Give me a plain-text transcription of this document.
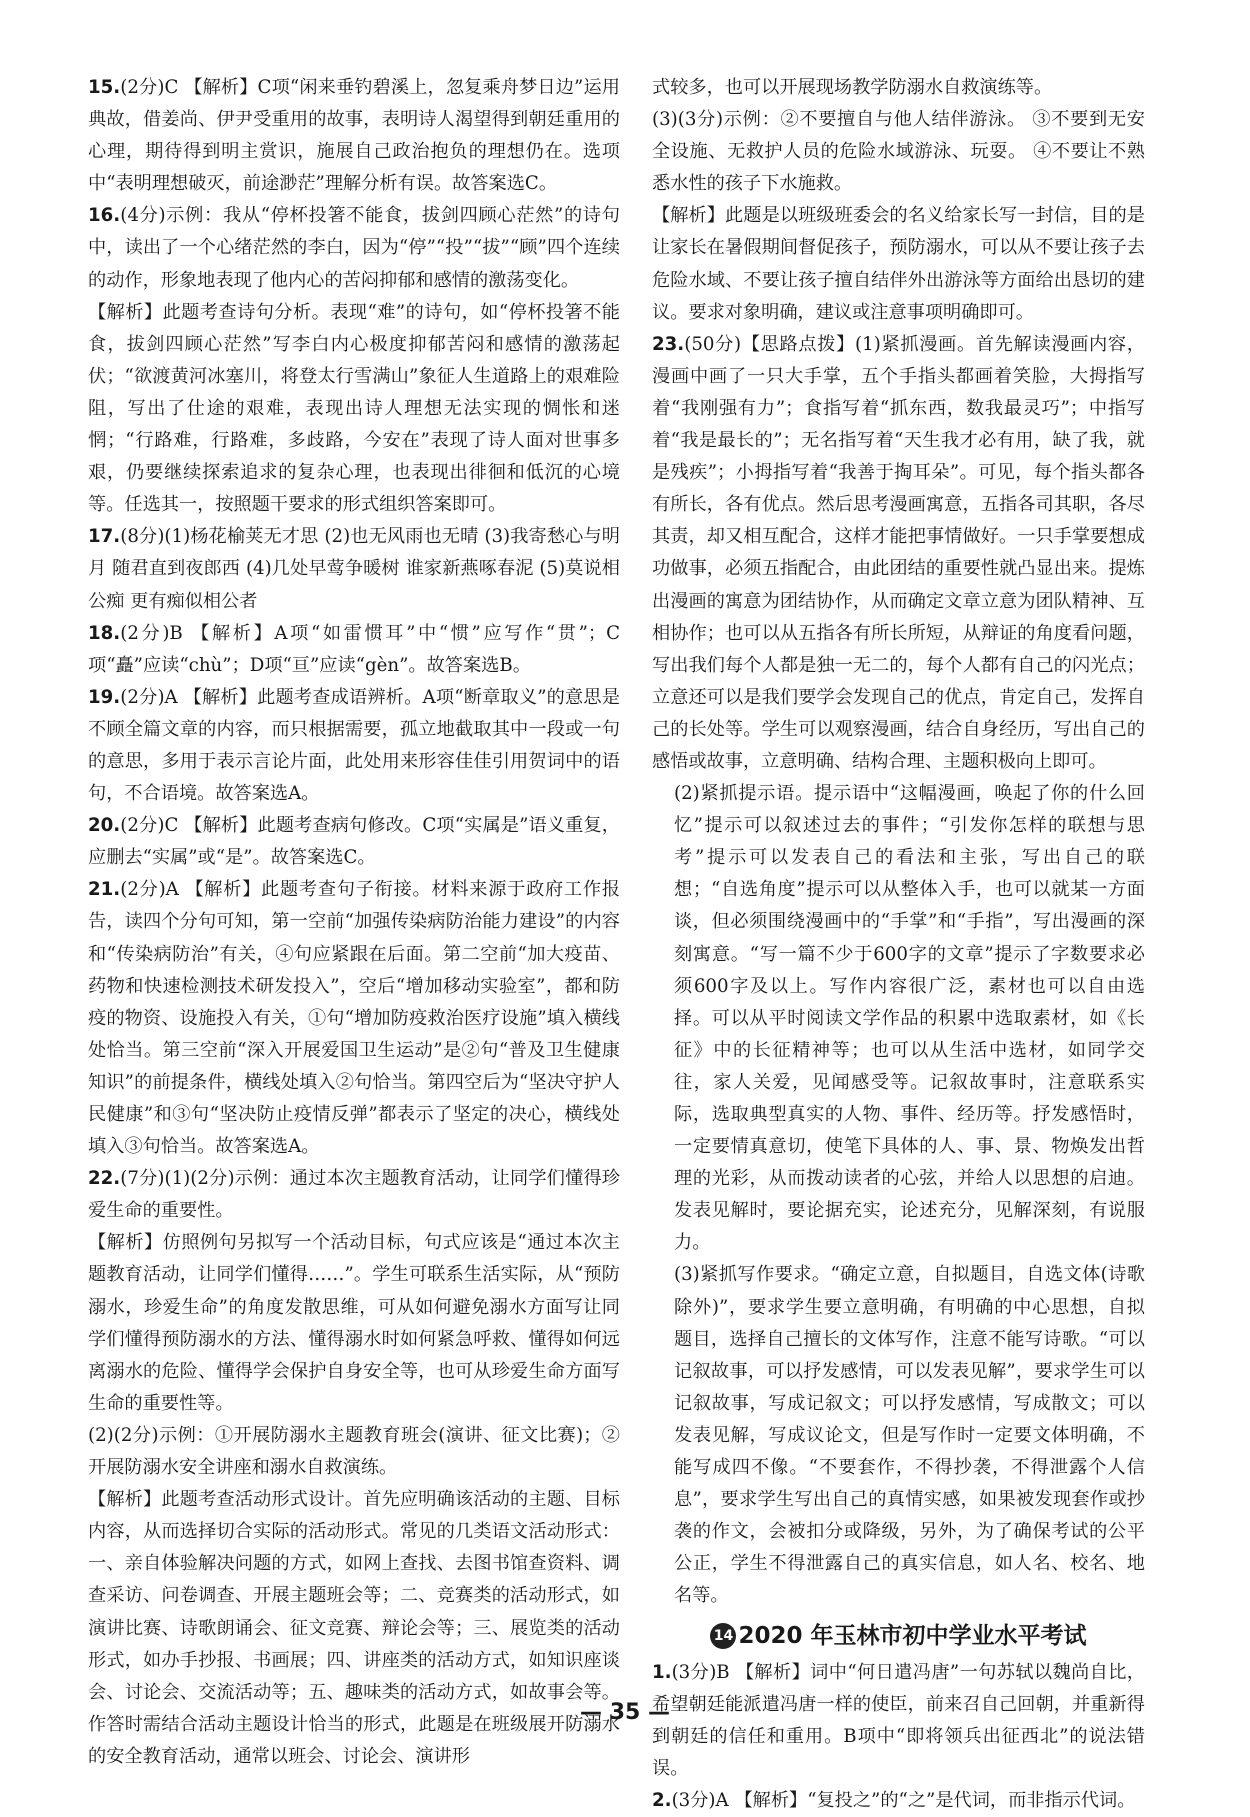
15.(2分)C 【解析】C项“闲来垂钓碧溪上，忽复乘舟梦日边”运用典故，借姜尚、伊尹受重用的故事，表明诗人渴望得到朝廷重用的心理，期待得到明主赏识，施展自己政治抱负的理想仍在。选项中“表明理想破灭，前途渺茫”理解分析有误。故答案选C。

16.(4分)示例：我从“停杯投箸不能食，拔剑四顾心茫然”的诗句中，读出了一个心绪茫然的李白，因为“停”“投”“拔”“顾”四个连续的动作，形象地表现了他内心的苦闷抑郁和感情的激荡变化。

【解析】此题考查诗句分析。表现“难”的诗句，如“停杯投箸不能食，拔剑四顾心茫然”写李白内心极度抑郁苦闷和感情的激荡起伏；“欲渡黄河冰塞川，将登太行雪满山”象征人生道路上的艰难险阻，写出了仕途的艰难，表现出诗人理想无法实现的惆怅和迷惘；“行路难，行路难，多歧路，今安在”表现了诗人面对世事多艰，仍要继续探索追求的复杂心理，也表现出徘徊和低沉的心境等。任选其一，按照题干要求的形式组织答案即可。

17.(8分)(1)杨花榆荚无才思 (2)也无风雨也无晴 (3)我寄愁心与明月 随君直到夜郎西 (4)几处早莺争暖树 谁家新燕啄春泥 (5)莫说相公痴 更有痴似相公者
18.(2分)B 【解析】A项“如雷惯耳”中“惯”应写作“贯”；C项“矗”应读“chù”；D项“亘”应读“gèn”。故答案选B。
19.(2分)A 【解析】此题考查成语辨析。A项“断章取义”的意思是不顾全篇文章的内容，而只根据需要，孤立地截取其中一段或一句的意思，多用于表示言论片面，此处用来形容佳佳引用贺词中的语句，不合语境。故答案选A。
20.(2分)C 【解析】此题考查病句修改。C项“实属是”语义重复，应删去“实属”或“是”。故答案选C。
21.(2分)A 【解析】此题考查句子衔接。材料来源于政府工作报告，读四个分句可知，第一空前“加强传染病防治能力建设”的内容和“传染病防治”有关，④句应紧跟在后面。第二空前“加大疫苗、药物和快速检测技术研发投入”，空后“增加移动实验室”，都和防疫的物资、设施投入有关，①句“增加防疫救治医疗设施”填入横线处恰当。第三空前“深入开展爱国卫生运动”是②句“普及卫生健康知识”的前提条件，横线处填入②句恰当。第四空后为“坚决守护人民健康”和③句“坚决防止疫情反弹”都表示了坚定的决心，横线处填入③句恰当。故答案选A。

22.(7分)(1)(2分)示例：通过本次主题教育活动，让同学们懂得珍爱生命的重要性。

【解析】仿照例句另拟写一个活动目标，句式应该是“通过本次主题教育活动，让同学们懂得……”。学生可联系生活实际，从“预防溺水，珍爱生命”的角度发散思维，可从如何避免溺水方面写让同学们懂得预防溺水的方法、懂得溺水时如何紧急呼救、懂得如何远离溺水的危险、懂得学会保护自身安全等，也可从珍爱生命方面写生命的重要性等。

(2)(2分)示例：①开展防溺水主题教育班会(演讲、征文比赛)；②开展防溺水安全讲座和溺水自救演练。

【解析】此题考查活动形式设计。首先应明确该活动的主题、目标内容，从而选择切合实际的活动形式。常见的几类语文活动形式：一、亲自体验解决问题的方式，如网上查找、去图书馆查资料、调查采访、问卷调查、开展主题班会等；二、竞赛类的活动形式，如演讲比赛、诗歌朗诵会、征文竞赛、辩论会等；三、展览类的活动形式，如办手抄报、书画展；四、讲座类的活动方式，如知识座谈会、讨论会、交流活动等；五、趣味类的活动方式，如故事会等。作答时需结合活动主题设计恰当的形式，此题是在班级展开防溺水的安全教育活动，通常以班会、讨论会、演讲形

式较多，也可以开展现场教学防溺水自救演练等。

(3)(3分)示例：②不要擅自与他人结伴游泳。 ③不要到无安全设施、无救护人员的危险水域游泳、玩耍。 ④不要让不熟悉水性的孩子下水施救。

【解析】此题是以班级班委会的名义给家长写一封信，目的是让家长在暑假期间督促孩子，预防溺水，可以从不要让孩子去危险水域、不要让孩子擅自结伴外出游泳等方面给出恳切的建议。要求对象明确，建议或注意事项明确即可。

23.(50分)【思路点拨】(1)紧抓漫画。首先解读漫画内容，漫画中画了一只大手掌，五个手指头都画着笑脸，大拇指写着“我刚强有力”；食指写着“抓东西，数我最灵巧”；中指写着“我是最长的”；无名指写着“天生我才必有用，缺了我，就是残疾”；小拇指写着“我善于掏耳朵”。可见，每个指头都各有所长，各有优点。然后思考漫画寓意，五指各司其职，各尽其责，却又相互配合，这样才能把事情做好。一只手掌要想成功做事，必须五指配合，由此团结的重要性就凸显出来。提炼出漫画的寓意为团结协作，从而确定文章立意为团队精神、互相协作；也可以从五指各有所长所短，从辩证的角度看问题，写出我们每个人都是独一无二的，每个人都有自己的闪光点；立意还可以是我们要学会发现自己的优点，肯定自己，发挥自己的长处等。学生可以观察漫画，结合自身经历，写出自己的感悟或故事，立意明确、结构合理、主题积极向上即可。

(2)紧抓提示语。提示语中“这幅漫画，唤起了你的什么回忆”提示可以叙述过去的事件；“引发你怎样的联想与思考”提示可以发表自己的看法和主张，写出自己的联想；“自选角度”提示可以从整体入手，也可以就某一方面谈，但必须围绕漫画中的“手掌”和“手指”，写出漫画的深刻寓意。“写一篇不少于600字的文章”提示了字数要求必须600字及以上。写作内容很广泛，素材也可以自由选择。可以从平时阅读文学作品的积累中选取素材，如《长征》中的长征精神等；也可以从生活中选材，如同学交往，家人关爱，见闻感受等。记叙故事时，注意联系实际，选取典型真实的人物、事件、经历等。抒发感悟时，一定要情真意切，使笔下具体的人、事、景、物焕发出哲理的光彩，从而拨动读者的心弦，并给人以思想的启迪。发表见解时，要论据充实，论述充分，见解深刻，有说服力。

(3)紧抓写作要求。“确定立意，自拟题目，自选文体(诗歌除外)”，要求学生要立意明确，有明确的中心思想，自拟题目，选择自己擅长的文体写作，注意不能写诗歌。“可以记叙故事，可以抒发感情，可以发表见解”，要求学生可以记叙故事，写成记叙文；可以抒发感情，写成散文；可以发表见解，写成议论文，但是写作时一定要文体明确，不能写成四不像。“不要套作，不得抄袭，不得泄露个人信息”，要求学生写出自己的真情实感，如果被发现套作或抄袭的作文，会被扣分或降级，另外，为了确保考试的公平公正，学生不得泄露自己的真实信息，如人名、校名、地名等。

14 2020 年玉林市初中学业水平考试
1.(3分)B 【解析】词中“何日遣冯唐”一句苏轼以魏尚自比，希望朝廷能派遣冯唐一样的使臣，前来召自己回朝，并重新得到朝廷的信任和重用。B项中“即将领兵出征西北”的说法错误。
2.(3分)A 【解析】“复投之”的“之”是代词，而非指示代词。
— 35 —
